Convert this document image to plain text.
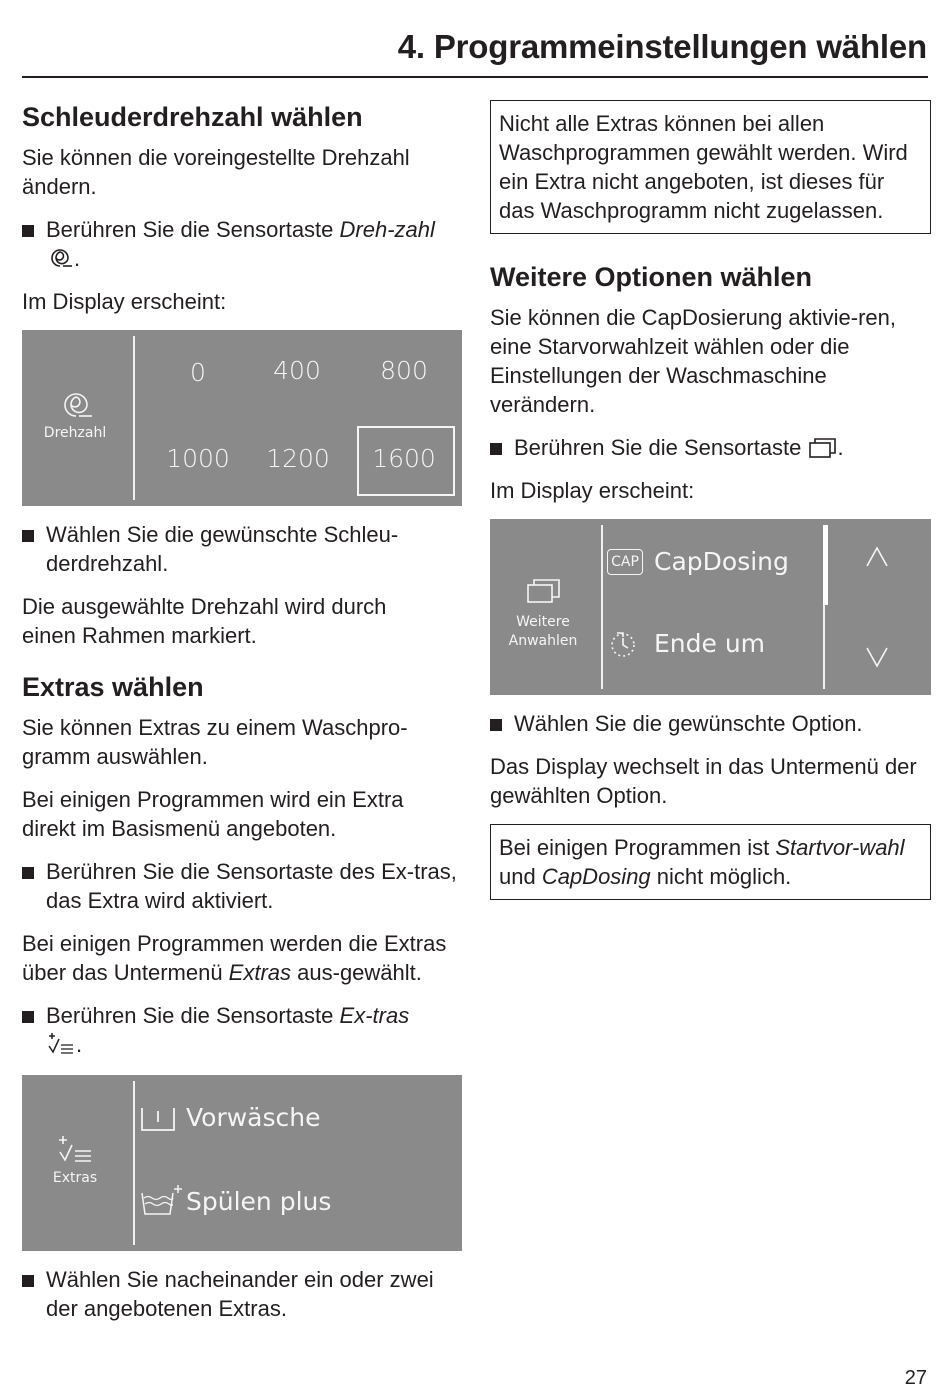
4. Programmeinstellungen wählen
Schleuderdrehzahl wählen
Sie können die voreingestellte Drehzahl ändern.
Berühren Sie die Sensortaste Dreh-zahl .
Im Display erscheint:
Drehzahl
0	400	800
1000 1200	1600
Wählen Sie die gewünschte Schleu-derdrehzahl.
Die ausgewählte Drehzahl wird durch einen Rahmen markiert.
Extras wählen
Sie können Extras zu einem Waschpro-gramm auswählen.
Bei einigen Programmen wird ein Extra direkt im Basismenü angeboten.
Berühren Sie die Sensortaste des Ex-tras, das Extra wird aktiviert.
Bei einigen Programmen werden die Extras über das Untermenü Extras aus-gewählt.
Berühren Sie die Sensortaste Ex-tras .
Extras
Vorwäsche
Spülen plus
Wählen Sie nacheinander ein oder zwei der angebotenen Extras.
Nicht alle Extras können bei allen Waschprogrammen gewählt werden. Wird ein Extra nicht angeboten, ist dieses für das Waschprogramm nicht zugelassen.
Weitere Optionen wählen
Sie können die CapDosierung aktivie-ren, eine Starvorwahlzeit wählen oder die Einstellungen der Waschmaschine verändern.
Berühren Sie die Sensortaste .
Im Display erscheint:
Weitere
Anwahlen
CAP CapDosing
Ende um
Wählen Sie die gewünschte Option.
Das Display wechselt in das Untermenü der gewählten Option.
Bei einigen Programmen ist Startvor-wahl und CapDosing nicht möglich.
27
